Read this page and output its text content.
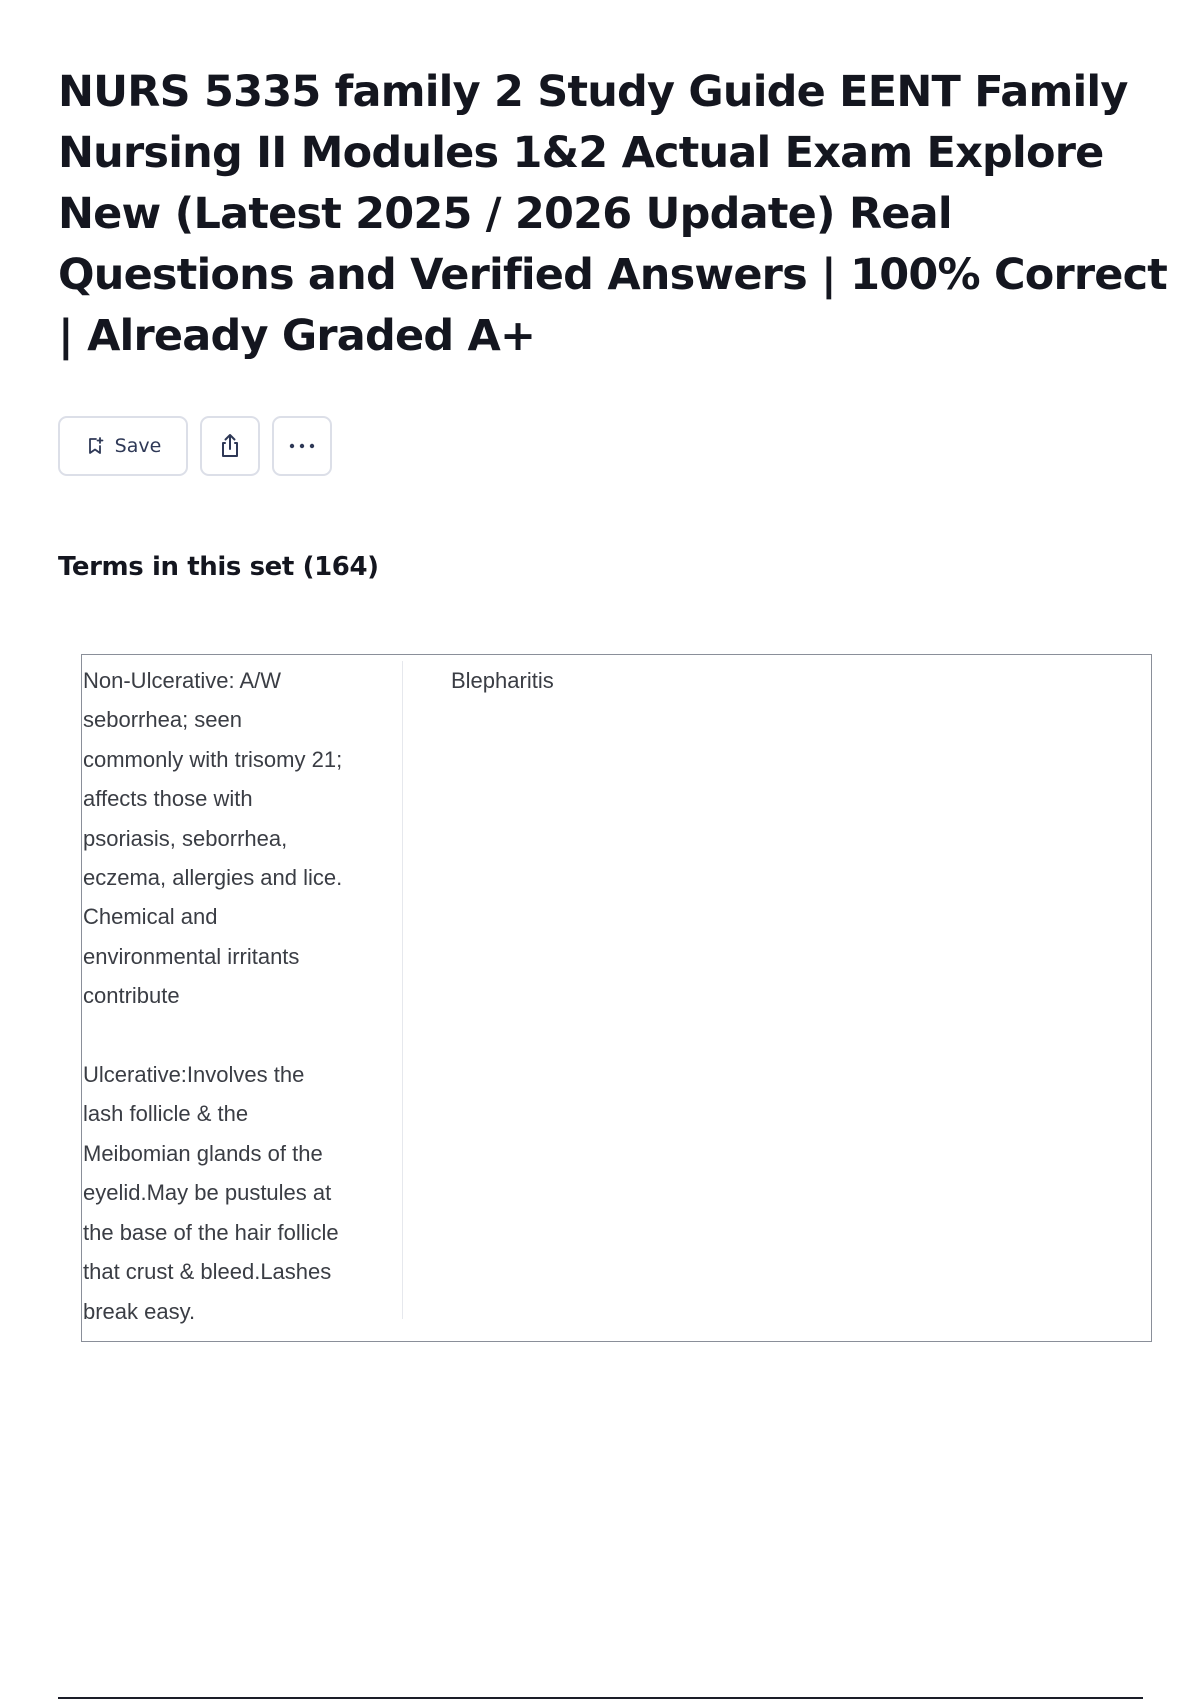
NURS 5335 family 2 Study Guide EENT Family Nursing II Modules 1&2 Actual Exam Explore New (Latest 2025 / 2026 Update) Real Questions and Verified Answers | 100% Correct | Already Graded A+
Save
Terms in this set (164)
Non-Ulcerative: A/W
seborrhea; seen
commonly with trisomy 21;
affects those with
psoriasis, seborrhea,
eczema, allergies and lice.
Chemical and
environmental irritants
contribute

Ulcerative:Involves the
lash follicle & the
Meibomian glands of the
eyelid.May be pustules at
the base of the hair follicle
that crust & bleed.Lashes
break easy.
Blepharitis
